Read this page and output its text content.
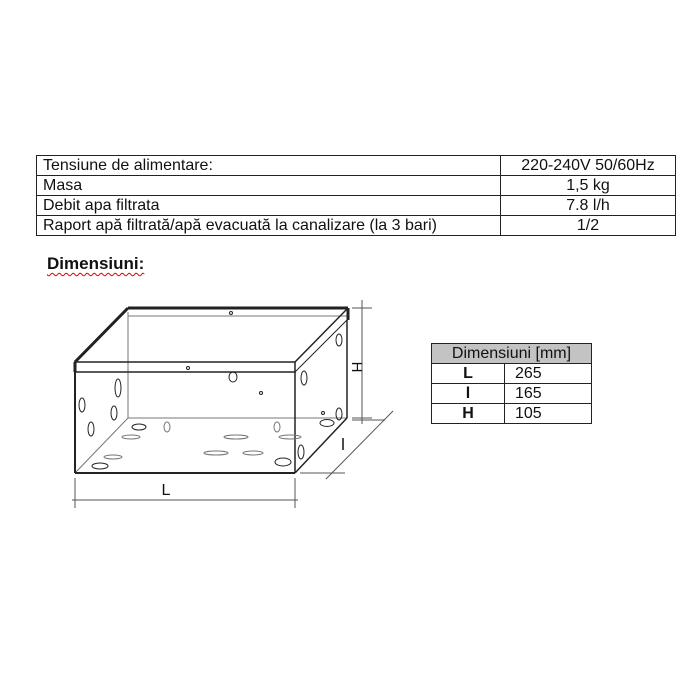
Tensiune de alimentare:	220-240V 50/60Hz
Masa	1,5 kg
Debit apa filtrata	7.8 l/h
Raport apă filtrată/apă evacuată la canalizare (la 3 bari)	1/2
Dimensiuni:
L
H
l
Dimensiuni [mm]	
L	265
l	165
H	105
